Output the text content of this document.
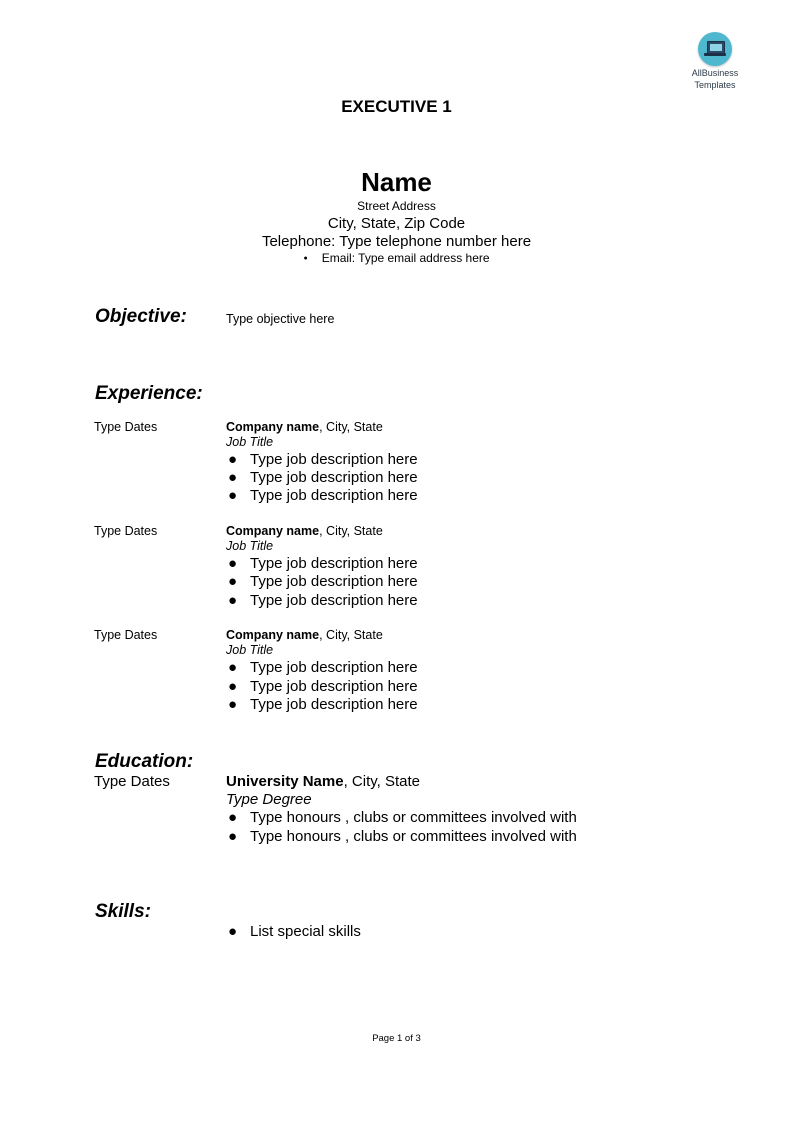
AllBusiness
Templates
EXECUTIVE 1
Name
Street Address
City, State, Zip Code
Telephone: Type telephone number here
● Email: Type email address here
Objective:	Type objective here
Experience:
Type Dates	Company name, City, State
Job Title
● Type job description here
● Type job description here
● Type job description here
Type Dates	Company name, City, State
Job Title
● Type job description here
● Type job description here
● Type job description here
Type Dates	Company name, City, State
Job Title
● Type job description here
● Type job description here
● Type job description here
Education:
Type Dates	University Name, City, State
Type Degree
● Type honours , clubs or committees involved with
● Type honours , clubs or committees involved with
Skills:
● List special skills
Page 1 of 3
